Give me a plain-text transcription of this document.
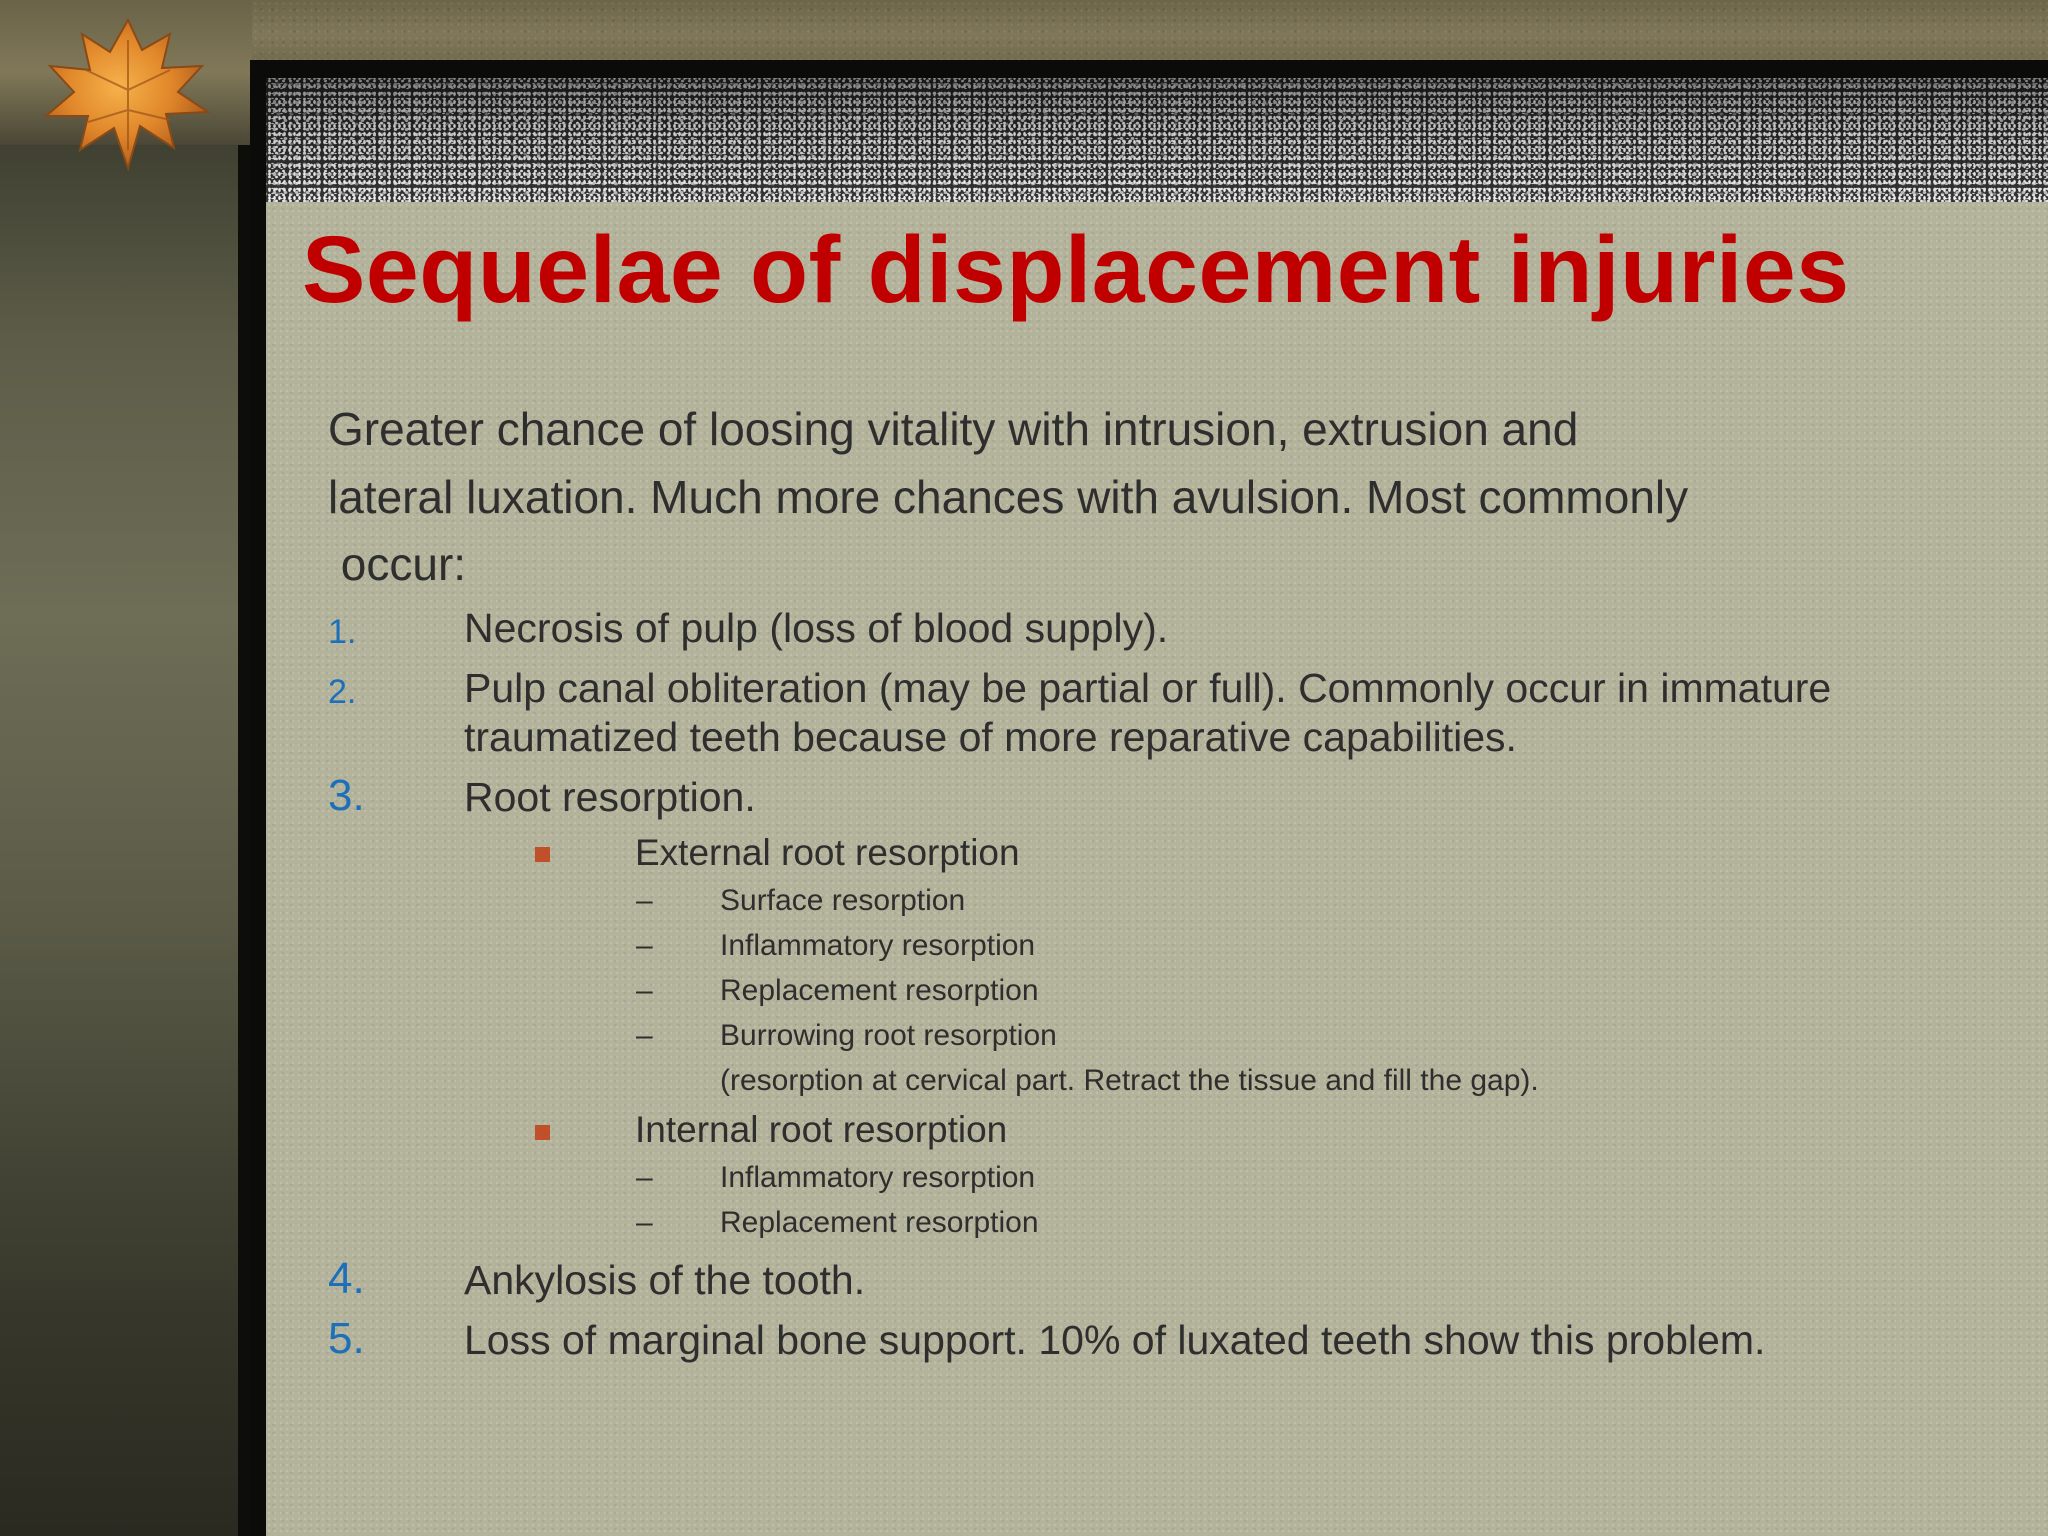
Sequelae of displacement injuries
Greater chance of loosing vitality with intrusion, extrusion and
lateral luxation. Much more chances with avulsion. Most commonly
occur:
1.	Necrosis of pulp (loss of blood supply).
2.	Pulp canal obliteration (may be partial or full). Commonly occur in immature
traumatized teeth because of more reparative capabilities.
3. Root resorption.
External root resorption
– Surface resorption
– Inflammatory resorption
– Replacement resorption
– Burrowing root resorption
(resorption at cervical part. Retract the tissue and fill the gap).
Internal root resorption
– Inflammatory resorption
– Replacement resorption
4. Ankylosis of the tooth.
5. Loss of marginal bone support. 10% of luxated teeth show this problem.
